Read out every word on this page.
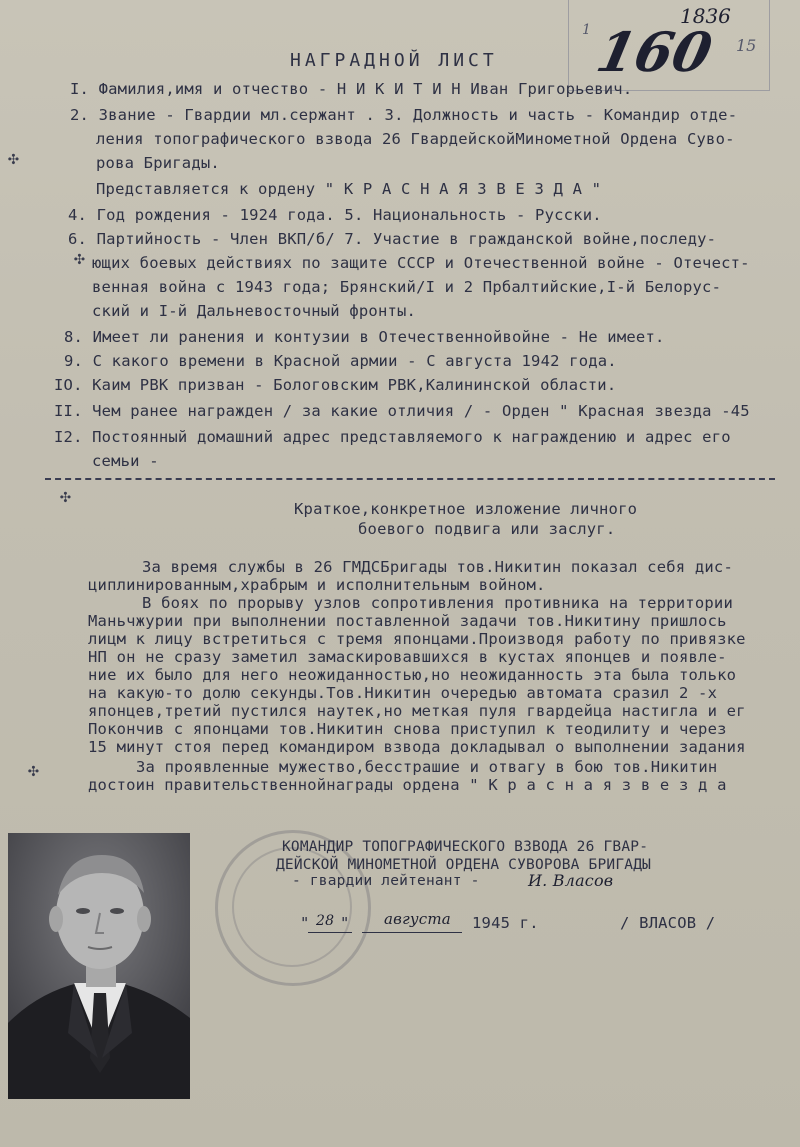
1836
160
1
15
НАГРАДНОЙ ЛИСТ
I. Фамилия,имя и отчество - Н И К И Т И Н Иван Григорьевич.
2. Звание - Гвардии мл.сержант . 3. Должность и часть - Командир отде-
ления топографического взвода 26 ГвардейскойМинометной Ордена Суво-
рова Бригады.
Представляется к ордену " К Р А С Н А Я З В Е З Д А "
4. Год рождения - 1924 года. 5. Национальность - Русски.
6. Партийность - Член ВКП/б/ 7. Участие в гражданской войне,последу-
ющих боевых действиях по защите СССР и Отечественной войне - Отечест-
венная война с 1943 года; Брянский/I и 2 Прбалтийские,I-й Белорус-
ский и I-й Дальневосточный фронты.
8. Имеет ли ранения и контузии в Отечественнойвойне - Не имеет.
9. С какого времени в Красной армии - С августа 1942 года.
IO. Каим РВК призван - Бологовским РВК,Калининской области.
II. Чем ранее награжден / за какие отличия / - Орден " Красная звезда -45
I2. Постоянный домашний адрес представляемого к награждению и адрес его
семьи -
Краткое,конкретное изложение личного
боевого подвига или заслуг.
За время службы в 26 ГМДСБригады тов.Никитин показал себя дис-
циплинированным,храбрым и исполнительным войном.
В боях по прорыву узлов сопротивления противника на территории
Маньчжурии при выполнении поставленной задачи тов.Никитину пришлось
лицм к лицу встретиться с тремя японцами.Производя работу по привязке
НП он не сразу заметил замаскировавшихся в кустах японцев и появле-
ние их было для него неожиданностью,но неожиданность эта была только
на какую-то долю секунды.Тов.Никитин очередью автомата сразил 2 -х
японцев,третий пустился наутек,но меткая пуля гвардейца настигла и ег
Покончив с японцами тов.Никитин снова приступил к теодилиту и через
15 минут стоя перед командиром взвода докладывал о выполнении задания
За проявленные мужество,бесстрашие и отвагу в бою тов.Никитин
достоин правительственнойнаграды ордена " К р а с н а я з в е з д а
✣
✣
✣
✣
КОМАНДИР ТОПОГРАФИЧЕСКОГО ВЗВОДА 26 ГВАР-
ДЕЙСКОЙ МИНОМЕТНОЙ ОРДЕНА СУВОРОВА БРИГАДЫ
- гвардии лейтенант -	И. Власов
" 28 " августа 1945 г.	/ ВЛАСОВ /
